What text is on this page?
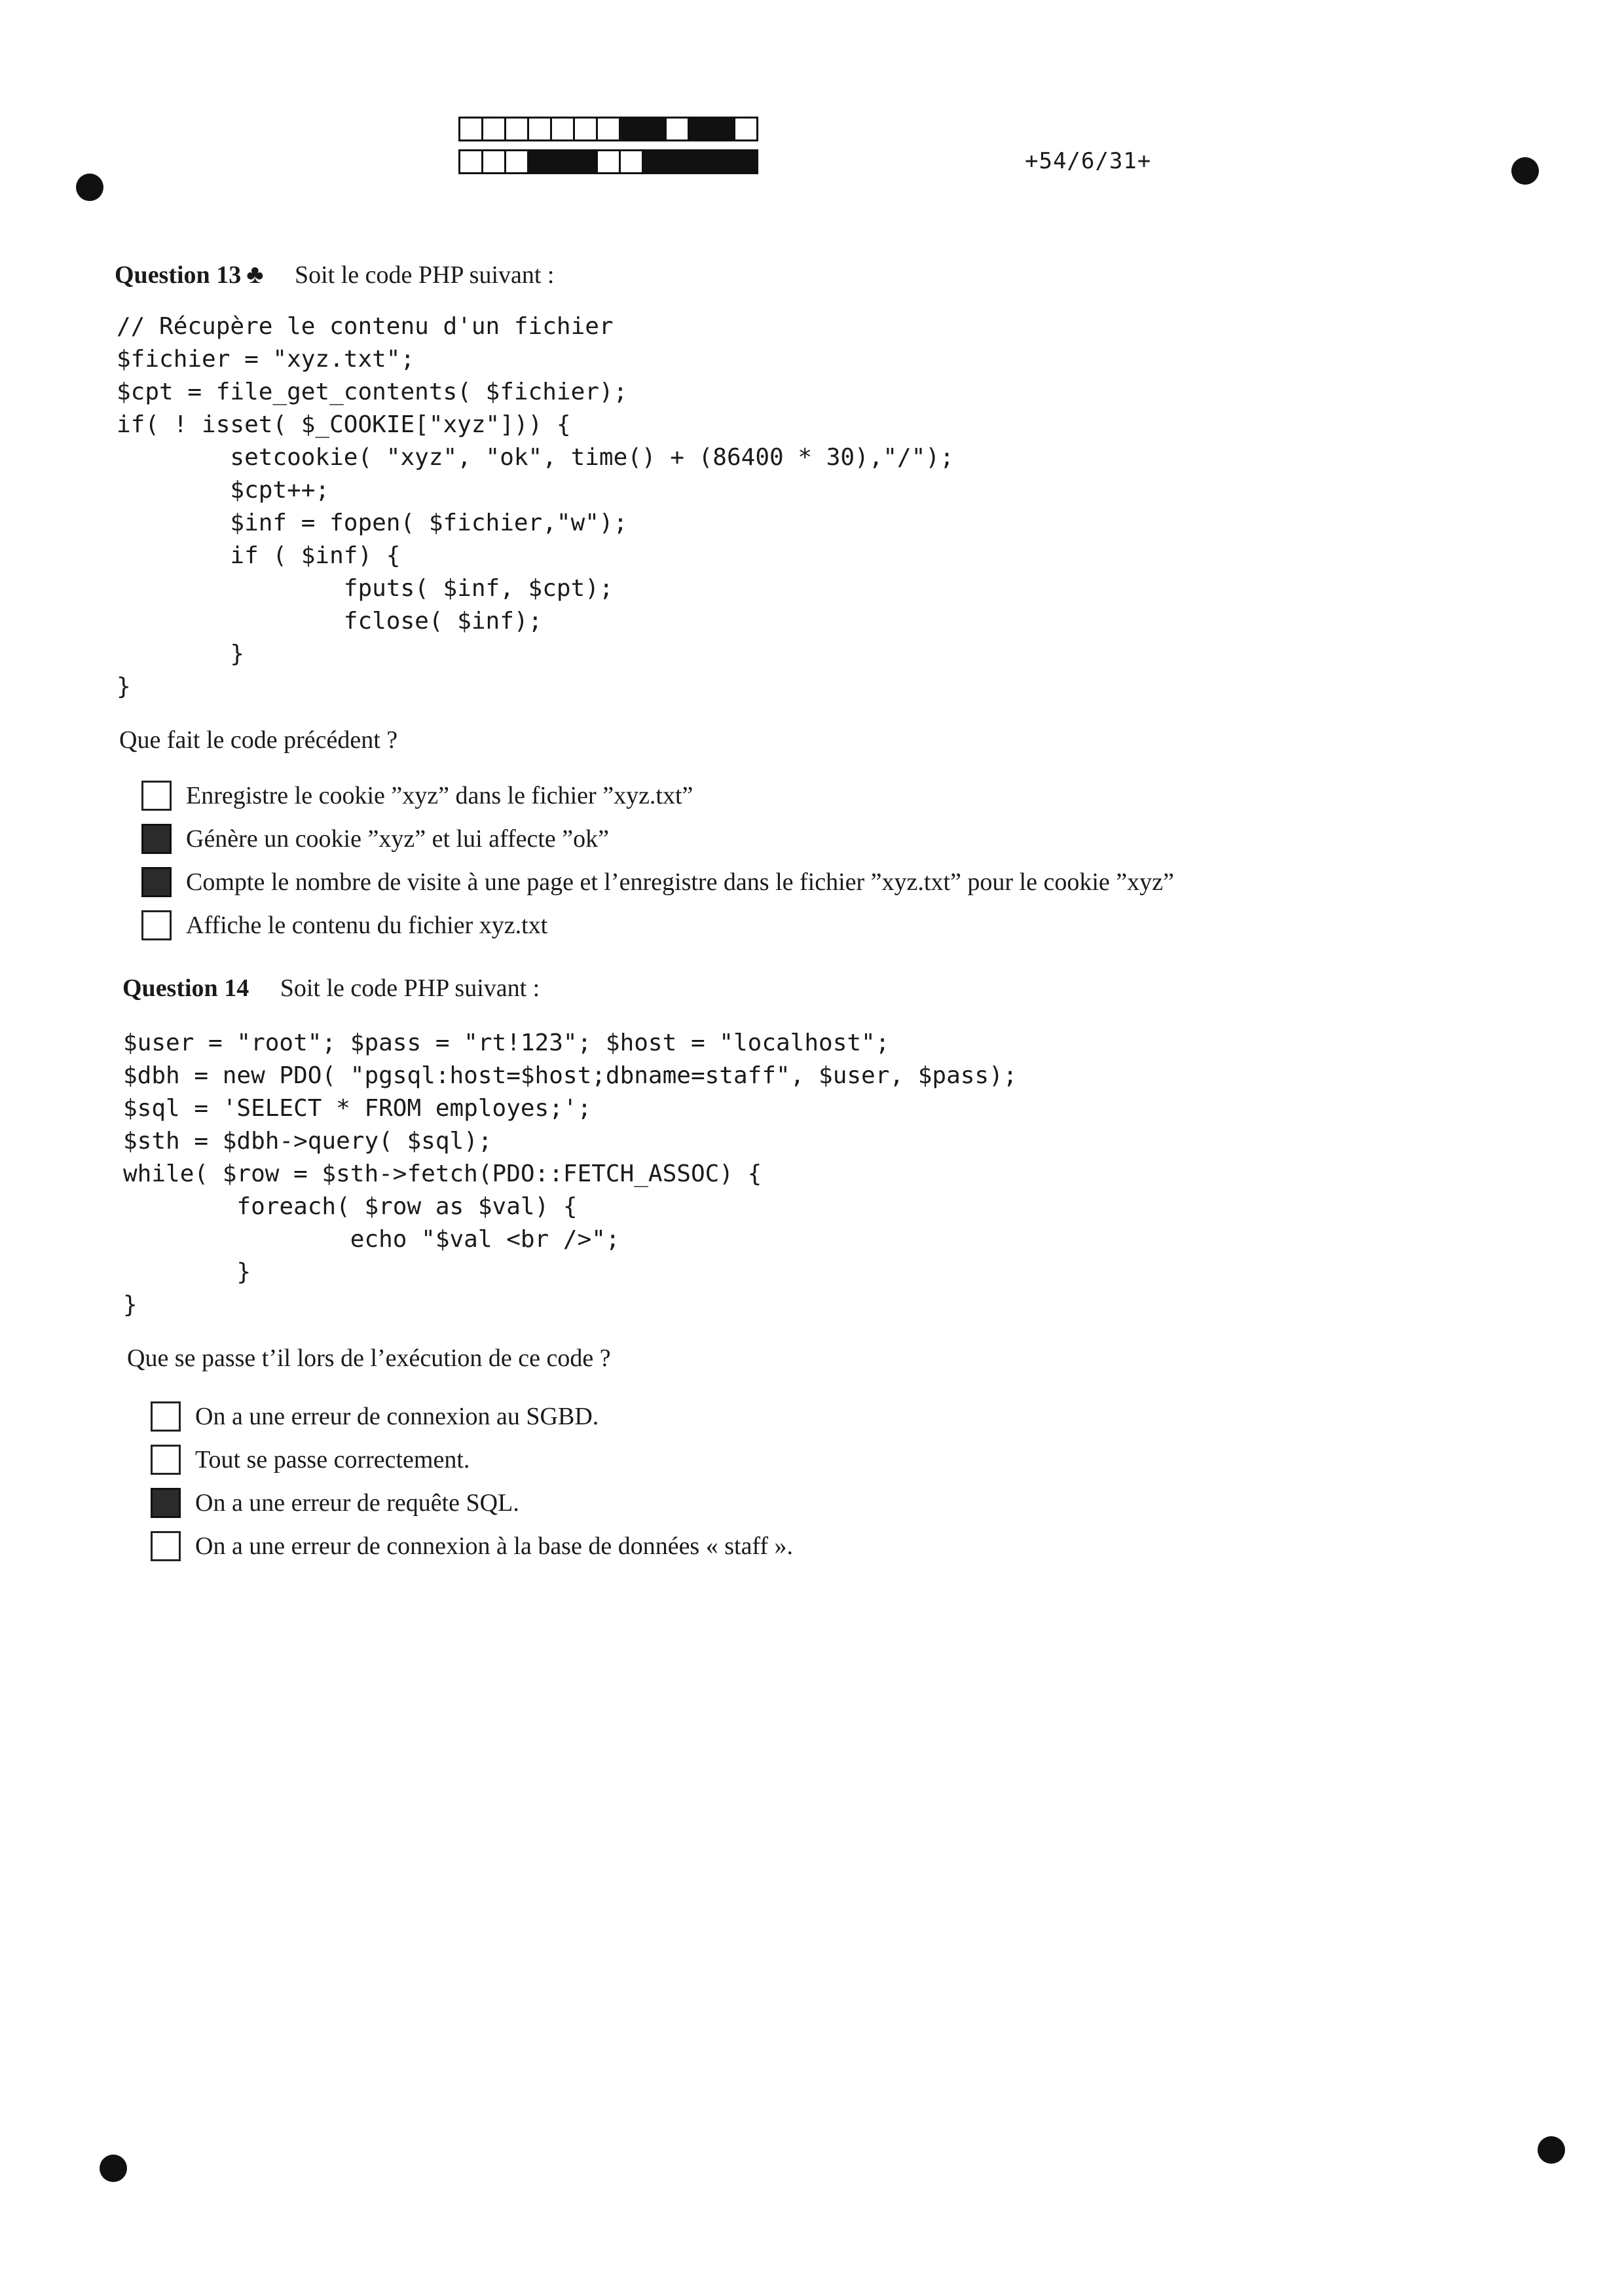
+54/6/31+
Question 13 ♣ Soit le code PHP suivant :
// Récupère le contenu d'un fichier
$fichier = "xyz.txt";
$cpt = file_get_contents( $fichier);
if( ! isset( $_COOKIE["xyz"])) {
setcookie( "xyz", "ok", time() + (86400 * 30),"/");
$cpt++;
$inf = fopen( $fichier,"w");
if ( $inf) {
fputs( $inf, $cpt);
fclose( $inf);
}
}
Que fait le code précédent ?
Enregistre le cookie ”xyz” dans le fichier ”xyz.txt”
Génère un cookie ”xyz” et lui affecte ”ok”
Compte le nombre de visite à une page et l’enregistre dans le fichier ”xyz.txt” pour le cookie ”xyz”
Affiche le contenu du fichier xyz.txt
Question 14 Soit le code PHP suivant :
$user = "root"; $pass = "rt!123"; $host = "localhost";
$dbh = new PDO( "pgsql:host=$host;dbname=staff", $user, $pass);
$sql = 'SELECT * FROM employes;';
$sth = $dbh->query( $sql);
while( $row = $sth->fetch(PDO::FETCH_ASSOC) {
foreach( $row as $val) {
echo "$val <br />";
}
}
Que se passe t’il lors de l’exécution de ce code ?
On a une erreur de connexion au SGBD.
Tout se passe correctement.
On a une erreur de requête SQL.
On a une erreur de connexion à la base de données « staff ».
